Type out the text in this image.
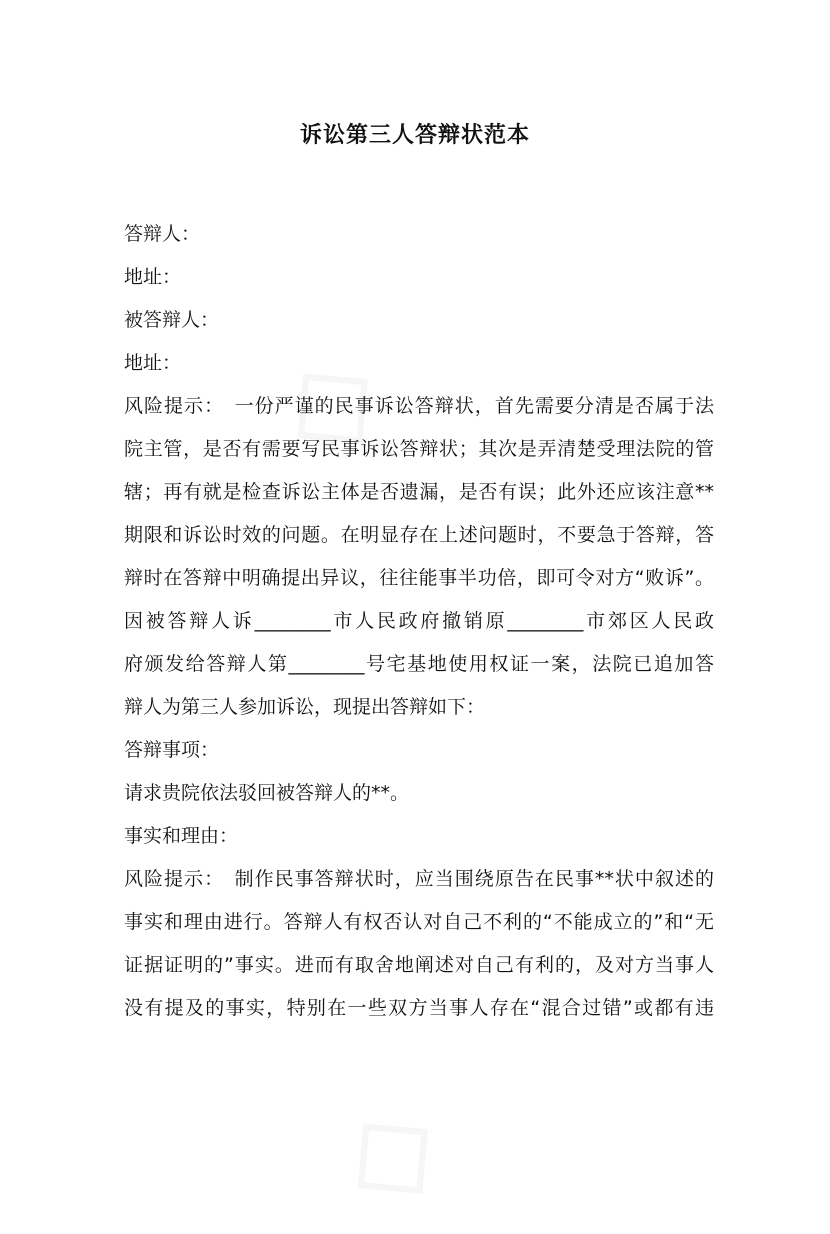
诉讼第三人答辩状范本
答辩人：
地址：
被答辩人：
地址：
风险提示：　一份严谨的民事诉讼答辩状，首先需要分清是否属于法
院主管，是否有需要写民事诉讼答辩状；其次是弄清楚受理法院的管
辖；再有就是检查诉讼主体是否遗漏，是否有误；此外还应该注意**
期限和诉讼时效的问题。在明显存在上述问题时，不要急于答辩，答
辩时在答辩中明确提出异议，往往能事半功倍，即可令对方“败诉”。
因被答辩人诉________市人民政府撤销原________市郊区人民政
府颁发给答辩人第________号宅基地使用权证一案，法院已追加答
辩人为第三人参加诉讼，现提出答辩如下：
答辩事项：
请求贵院依法驳回被答辩人的**。
事实和理由：
风险提示：　制作民事答辩状时，应当围绕原告在民事**状中叙述的
事实和理由进行。答辩人有权否认对自己不利的“不能成立的”和“无
证据证明的”事实。进而有取舍地阐述对自己有利的，及对方当事人
没有提及的事实，特别在一些双方当事人存在“混合过错”或都有违
